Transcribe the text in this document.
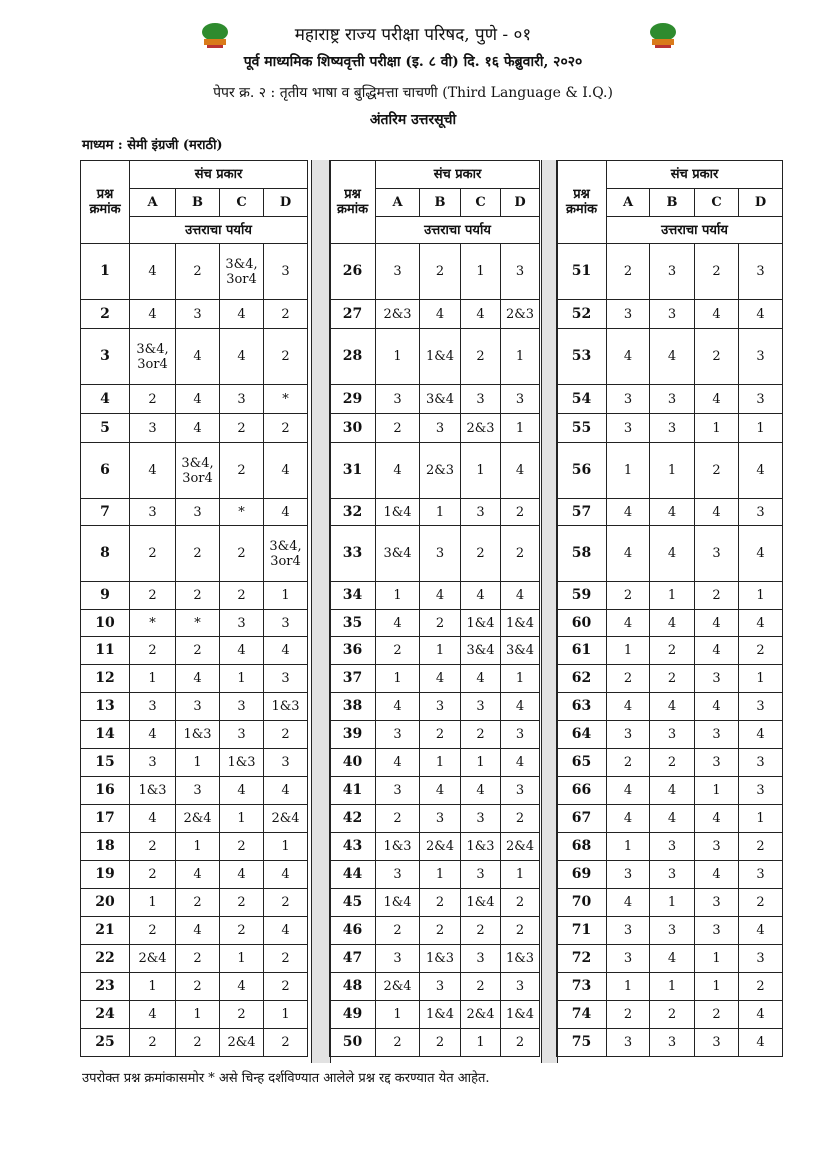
महाराष्ट्र राज्य परीक्षा परिषद, पुणे - ०१
पूर्व माध्यमिक शिष्यवृत्ती परीक्षा (इ. ८ वी) दि. १६ फेब्रुवारी, २०२०
पेपर क्र. २ : तृतीय भाषा व बुद्धिमत्ता चाचणी (Third Language & I.Q.)
अंतरिम उत्तरसूची
माध्यम : सेमी इंग्रजी (मराठी)
प्रश्न क्रमांक	संच प्रकार			
	A	B	C	D
	उत्तराचा पर्याय			
1	4	2	3&4, 3or4	3
2	4	3	4	2
3	3&4, 3or4	4	4	2
4	2	4	3	*
5	3	4	2	2
6	4	3&4, 3or4	2	4
7	3	3	*	4
8	2	2	2	3&4, 3or4
9	2	2	2	1
10	*	*	3	3
11	2	2	4	4
12	1	4	1	3
13	3	3	3	1&3
14	4	1&3	3	2
15	3	1	1&3	3
16	1&3	3	4	4
17	4	2&4	1	2&4
18	2	1	2	1
19	2	4	4	4
20	1	2	2	2
21	2	4	2	4
22	2&4	2	1	2
23	1	2	4	2
24	4	1	2	1
25	2	2	2&4	2
प्रश्न क्रमांक	संच प्रकार			
	A	B	C	D
	उत्तराचा पर्याय			
26	3	2	1	3
27	2&3	4	4	2&3
28	1	1&4	2	1
29	3	3&4	3	3
30	2	3	2&3	1
31	4	2&3	1	4
32	1&4	1	3	2
33	3&4	3	2	2
34	1	4	4	4
35	4	2	1&4	1&4
36	2	1	3&4	3&4
37	1	4	4	1
38	4	3	3	4
39	3	2	2	3
40	4	1	1	4
41	3	4	4	3
42	2	3	3	2
43	1&3	2&4	1&3	2&4
44	3	1	3	1
45	1&4	2	1&4	2
46	2	2	2	2
47	3	1&3	3	1&3
48	2&4	3	2	3
49	1	1&4	2&4	1&4
50	2	2	1	2
प्रश्न क्रमांक	संच प्रकार			
	A	B	C	D
	उत्तराचा पर्याय			
51	2	3	2	3
52	3	3	4	4
53	4	4	2	3
54	3	3	4	3
55	3	3	1	1
56	1	1	2	4
57	4	4	4	3
58	4	4	3	4
59	2	1	2	1
60	4	4	4	4
61	1	2	4	2
62	2	2	3	1
63	4	4	4	3
64	3	3	3	4
65	2	2	3	3
66	4	4	1	3
67	4	4	4	1
68	1	3	3	2
69	3	3	4	3
70	4	1	3	2
71	3	3	3	4
72	3	4	1	3
73	1	1	1	2
74	2	2	2	4
75	3	3	3	4
उपरोक्त प्रश्न क्रमांकासमोर * असे चिन्ह दर्शविण्यात आलेले प्रश्न रद्द करण्यात येत आहेत.
